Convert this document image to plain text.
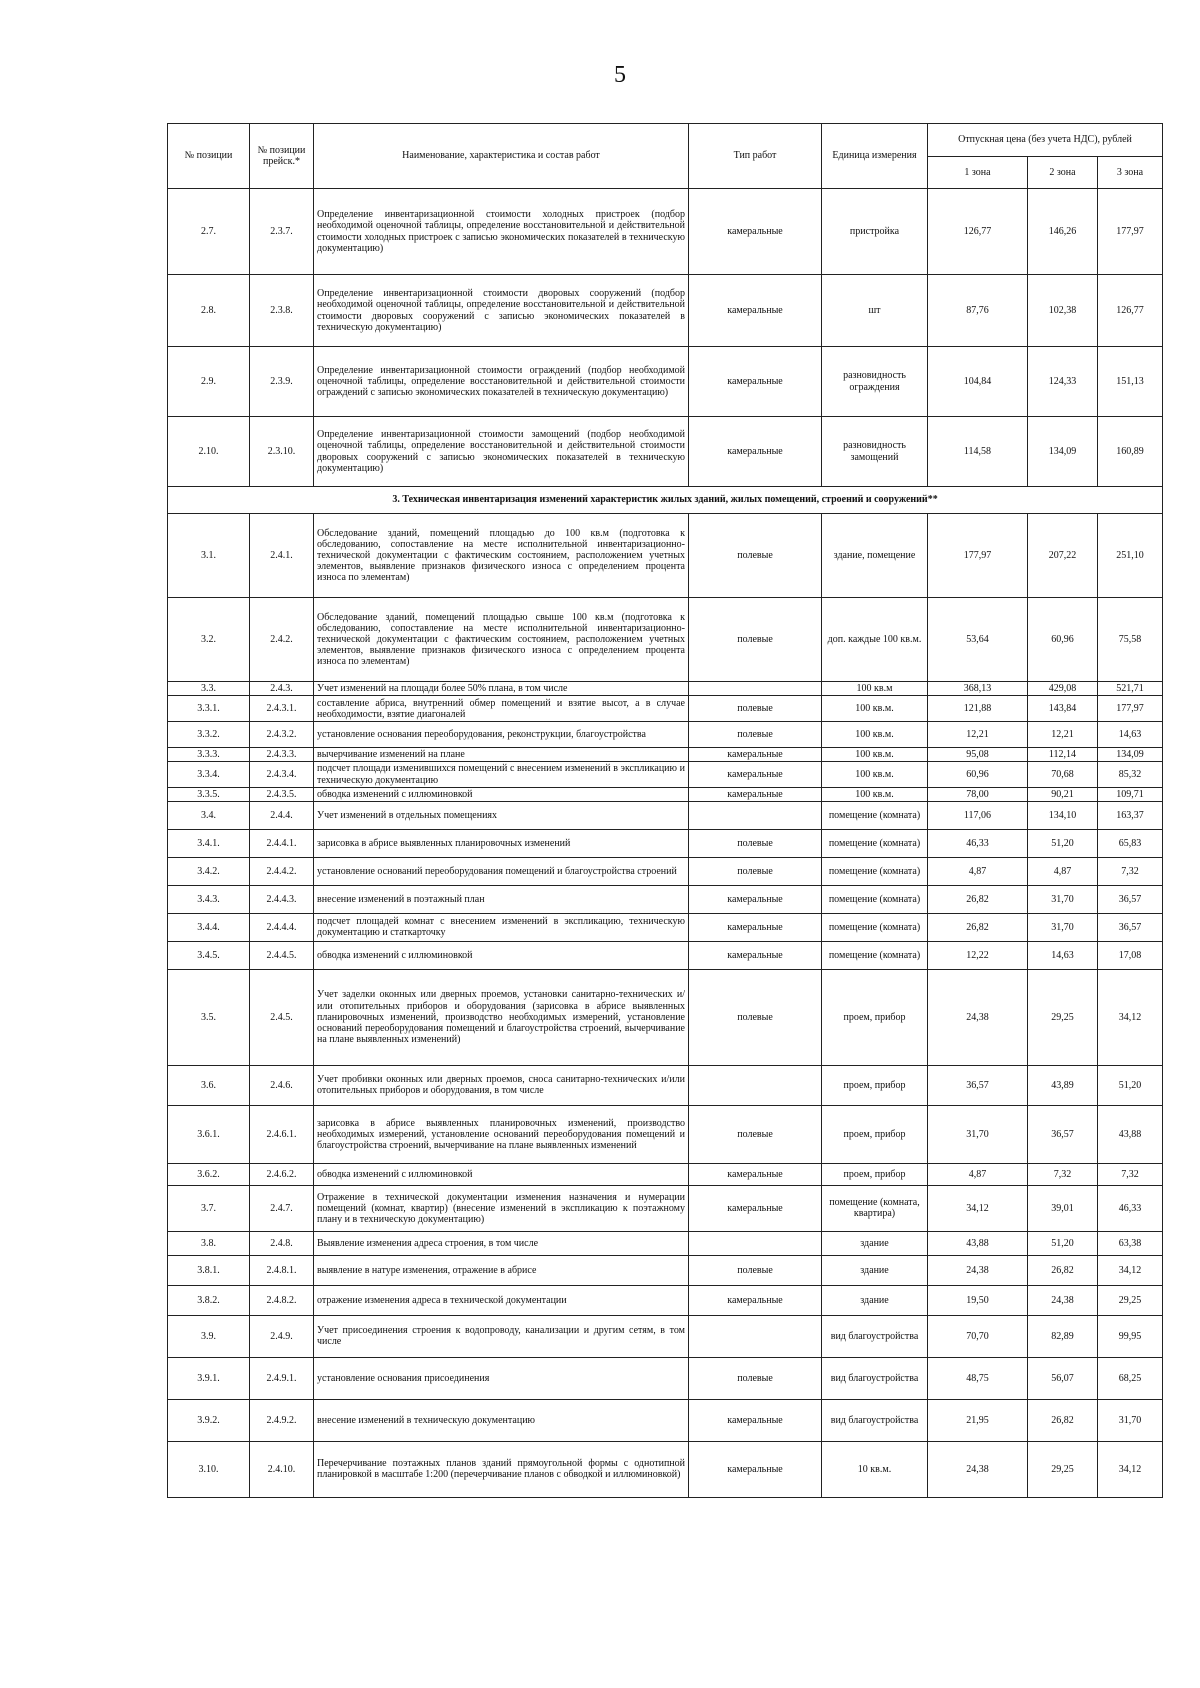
5
№ позиции	№ позиции прейск.*	Наименование, характеристика и состав работ	Тип работ	Единица измерения	Отпускная цена (без учета НДС), рублей		
					1 зона	2 зона	3 зона
2.7.	2.3.7.	Определение инвентаризационной стоимости холодных пристроек (подбор необходимой оценочной таблицы, определение восстановительной и действительной стоимости холодных пристроек с записью экономических показателей в техническую документацию)	камеральные	пристройка	126,77	146,26	177,97
2.8.	2.3.8.	Определение инвентаризационной стоимости дворовых сооружений (подбор необходимой оценочной таблицы, определение восстановительной и действительной стоимости дворовых сооружений с записью экономических показателей в техническую документацию)	камеральные	шт	87,76	102,38	126,77
2.9.	2.3.9.	Определение инвентаризационной стоимости ограждений (подбор необходимой оценочной таблицы, определение восстановительной и действительной стоимости ограждений с записью экономических показателей в техническую документацию)	камеральные	разновидность ограждения	104,84	124,33	151,13
2.10.	2.3.10.	Определение инвентаризационной стоимости замощений (подбор необходимой оценочной таблицы, определение восстановительной и действительной стоимости дворовых сооружений с записью экономических показателей в техническую документацию)	камеральные	разновидность замощений	114,58	134,09	160,89
3. Техническая инвентаризация изменений характеристик жилых зданий, жилых помещений, строений и сооружений**							
3.1.	2.4.1.	Обследование зданий, помещений площадью до 100 кв.м (подготовка к обследованию, сопоставление на месте исполнительной инвентаризационно-технической документации с фактическим состоянием, расположением учетных элементов, выявление признаков физического износа с определением процента износа по элементам)	полевые	здание, помещение	177,97	207,22	251,10
3.2.	2.4.2.	Обследование зданий, помещений площадью свыше 100 кв.м (подготовка к обследованию, сопоставление на месте исполнительной инвентаризационно- технической документации с фактическим состоянием, расположением учетных элементов, выявление признаков физического износа с определением процента износа по элементам)	полевые	доп. каждые 100 кв.м.	53,64	60,96	75,58
3.3.	2.4.3.	Учет изменений на площади более 50% плана, в том числе		100 кв.м	368,13	429,08	521,71
3.3.1.	2.4.3.1.	составление абриса, внутренний обмер помещений и взятие высот, а в случае необходимости, взятие диагоналей	полевые	100 кв.м.	121,88	143,84	177,97
3.3.2.	2.4.3.2.	установление основания переоборудования, реконструкции, благоустройства	полевые	100 кв.м.	12,21	12,21	14,63
3.3.3.	2.4.3.3.	вычерчивание изменений на плане	камеральные	100 кв.м.	95,08	112,14	134,09
3.3.4.	2.4.3.4.	подсчет площади изменившихся помещений с внесением изменений в экспликацию и техническую документацию	камеральные	100 кв.м.	60,96	70,68	85,32
3.3.5.	2.4.3.5.	обводка изменений с иллюминовкой	камеральные	100 кв.м.	78,00	90,21	109,71
3.4.	2.4.4.	Учет изменений в отдельных помещениях		помещение (комната)	117,06	134,10	163,37
3.4.1.	2.4.4.1.	зарисовка в абрисе выявленных планировочных изменений	полевые	помещение (комната)	46,33	51,20	65,83
3.4.2.	2.4.4.2.	установление оснований переоборудования помещений и благоустройства строений	полевые	помещение (комната)	4,87	4,87	7,32
3.4.3.	2.4.4.3.	внесение изменений в поэтажный план	камеральные	помещение (комната)	26,82	31,70	36,57
3.4.4.	2.4.4.4.	подсчет площадей комнат с внесением изменений в экспликацию, техническую документацию и статкарточку	камеральные	помещение (комната)	26,82	31,70	36,57
3.4.5.	2.4.4.5.	обводка изменений с иллюминовкой	камеральные	помещение (комната)	12,22	14,63	17,08
3.5.	2.4.5.	Учет заделки оконных или дверных проемов, установки санитарно-технических и/или отопительных приборов и оборудования (зарисовка в абрисе выявленных планировочных изменений, производство необходимых измерений, установление оснований переоборудования помещений и благоустройства строений, вычерчивание на плане выявленных изменений)	полевые	проем, прибор	24,38	29,25	34,12
3.6.	2.4.6.	Учет пробивки оконных или дверных проемов, сноса санитарно-технических и/или отопительных приборов и оборудования, в том числе		проем, прибор	36,57	43,89	51,20
3.6.1.	2.4.6.1.	зарисовка в абрисе выявленных планировочных изменений, производство необходимых измерений, установление оснований переоборудования помещений и благоустройства строений, вычерчивание на плане выявленных изменений	полевые	проем, прибор	31,70	36,57	43,88
3.6.2.	2.4.6.2.	обводка изменений с иллюминовкой	камеральные	проем, прибор	4,87	7,32	7,32
3.7.	2.4.7.	Отражение в технической документации изменения назначения и нумерации помещений (комнат, квартир) (внесение изменений в экспликацию к поэтажному плану и в техническую документацию)	камеральные	помещение (комната, квартира)	34,12	39,01	46,33
3.8.	2.4.8.	Выявление изменения адреса строения, в том числе		здание	43,88	51,20	63,38
3.8.1.	2.4.8.1.	выявление в натуре изменения, отражение в абрисе	полевые	здание	24,38	26,82	34,12
3.8.2.	2.4.8.2.	отражение изменения адреса в технической документации	камеральные	здание	19,50	24,38	29,25
3.9.	2.4.9.	Учет присоединения строения к водопроводу, канализации и другим сетям, в том числе		вид благоустройства	70,70	82,89	99,95
3.9.1.	2.4.9.1.	установление основания присоединения	полевые	вид благоустройства	48,75	56,07	68,25
3.9.2.	2.4.9.2.	внесение изменений в техническую документацию	камеральные	вид благоустройства	21,95	26,82	31,70
3.10.	2.4.10.	Перечерчивание поэтажных планов зданий прямоугольной формы с однотипной планировкой в масштабе 1:200 (перечерчивание планов с обводкой и иллюминовкой)	камеральные	10 кв.м.	24,38	29,25	34,12
